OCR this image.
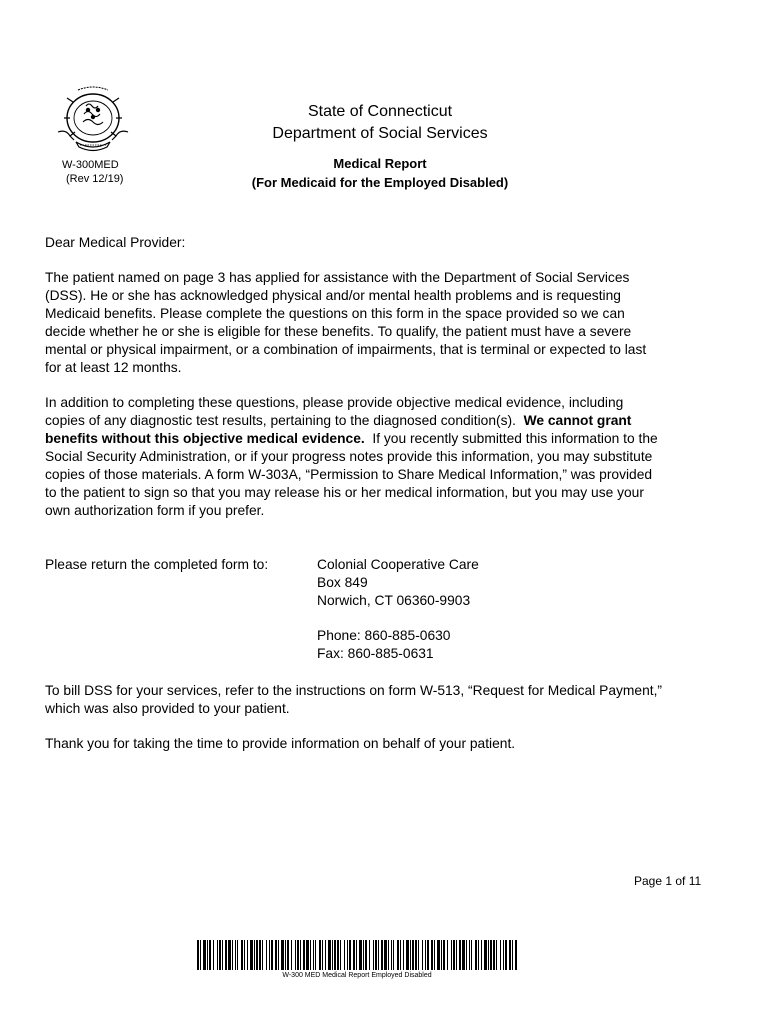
W-300MED
(Rev 12/19)
State of Connecticut
Department of Social Services
Medical Report
(For Medicaid for the Employed Disabled)
Dear Medical Provider:

The patient named on page 3 has applied for assistance with the Department of Social Services

(DSS). He or she has acknowledged physical and/or mental health problems and is requesting

Medicaid benefits. Please complete the questions on this form in the space provided so we can

decide whether he or she is eligible for these benefits. To qualify, the patient must have a severe

mental or physical impairment, or a combination of impairments, that is terminal or expected to last

for at least 12 months.

In addition to completing these questions, please provide objective medical evidence, including

copies of any diagnostic test results, pertaining to the diagnosed condition(s).  We cannot grant

benefits without this objective medical evidence.  If you recently submitted this information to the

Social Security Administration, or if your progress notes provide this information, you may substitute

copies of those materials. A form W-303A, “Permission to Share Medical Information,” was provided

to the patient to sign so that you may release his or her medical information, but you may use your

own authorization form if you prefer.

Please return the completed form to:	Colonial Cooperative Care
Box 849
Norwich, CT 06360-9903
Phone: 860-885-0630
Fax: 860-885-0631

To bill DSS for your services, refer to the instructions on form W-513, “Request for Medical Payment,”

which was also provided to your patient.

Thank you for taking the time to provide information on behalf of your patient.
Page 1 of 11
W-300 MED Medical Report Employed Disabled
